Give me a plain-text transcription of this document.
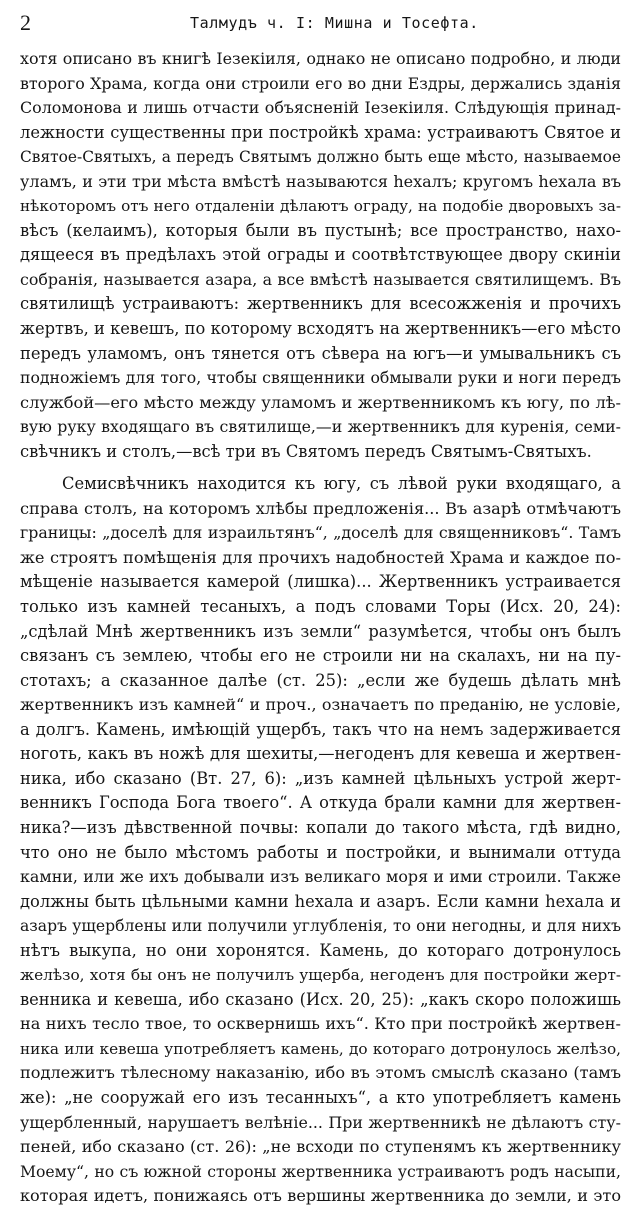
2	Талмудъ ч. I: Мишна и Тосефта.
хотя описано въ книгѣ Iезекiиля, однако не описано подробно, и люди
второго Храма, когда они строили его во дни Ездры, держались зданія
Соломонова и лишь отчасти объясненій Iезекiиля. Слѣдующія принад-
лежности существенны при постройкѣ храма: устраиваютъ Святое и
Святое-Святыхъ, а передъ Святымъ должно быть еще мѣсто, называемое
уламъ, и эти три мѣста вмѣстѣ называются hехалъ; кругомъ hехала въ
нѣкоторомъ отъ него отдаленіи дѣлаютъ ограду, на подобіе дворовыхъ за-
вѣсъ (келаимъ), которыя были въ пустынѣ; все пространство, нахо-
дящееся въ предѣлахъ этой ограды и соотвѣтствующее двору скиніи
собранія, называется азара, а все вмѣстѣ называется святилищемъ. Въ
святилищѣ устраиваютъ: жертвенникъ для всесожженія и прочихъ
жертвъ, и кевешъ, по которому всходятъ на жертвенникъ—его мѣсто
передъ уламомъ, онъ тянется отъ сѣвера на югъ—и умывальникъ съ
подножіемъ для того, чтобы священники обмывали руки и ноги передъ
службой—его мѣсто между уламомъ и жертвенникомъ къ югу, по лѣ-
вую руку входящаго въ святилище,—и жертвенникъ для куренія, семи-
свѣчникъ и столъ,—всѣ три въ Святомъ передъ Святымъ-Святыхъ.
Семисвѣчникъ находится къ югу, съ лѣвой руки входящаго, а
справа столъ, на которомъ хлѣбы предложенія... Въ азарѣ отмѣчаютъ
границы: „доселѣ для израильтянъ“, „доселѣ для священниковъ“. Тамъ
же строятъ помѣщенія для прочихъ надобностей Храма и каждое по-
мѣщеніе называется камерой (лишка)... Жертвенникъ устраивается
только изъ камней тесаныхъ, а подъ словами Торы (Исх. 20, 24):
„сдѣлай Мнѣ жертвенникъ изъ земли“ разумѣется, чтобы онъ былъ
связанъ съ землею, чтобы его не строили ни на скалахъ, ни на пу-
стотахъ; а сказанное далѣе (ст. 25): „если же будешь дѣлать мнѣ
жертвенникъ изъ камней“ и проч., означаетъ по преданію, не условіе,
а долгъ. Камень, имѣющій ущербъ, такъ что на немъ задерживается
ноготь, какъ въ ножѣ для шехиты,—негоденъ для кевеша и жертвен-
ника, ибо сказано (Вт. 27, 6): „изъ камней цѣльныхъ устрой жерт-
венникъ Господа Бога твоего“. А откуда брали камни для жертвен-
ника?—изъ дѣвственной почвы: копали до такого мѣста, гдѣ видно,
что оно не было мѣстомъ работы и постройки, и вынимали оттуда
камни, или же ихъ добывали изъ великаго моря и ими строили. Также
должны быть цѣльными камни hехала и азаръ. Если камни hехала и
азаръ ущерблены или получили углубленія, то они негодны, и для нихъ
нѣтъ выкупа, но они хоронятся. Камень, до котораго дотронулось
желѣзо, хотя бы онъ не получилъ ущерба, негоденъ для постройки жерт-
венника и кевеша, ибо сказано (Исх. 20, 25): „какъ скоро положишь
на нихъ тесло твое, то осквернишь ихъ“. Кто при постройкѣ жертвен-
ника или кевеша употребляетъ камень, до котораго дотронулось желѣзо,
подлежитъ тѣлесному наказанію, ибо въ этомъ смыслѣ сказано (тамъ
же): „не сооружай его изъ тесанныхъ“, а кто употребляетъ камень
ущербленный, нарушаетъ велѣніе... При жертвенникѣ не дѣлаютъ сту-
пеней, ибо сказано (ст. 26): „не всходи по ступенямъ къ жертвеннику
Моему“, но съ южной стороны жертвенника устраиваютъ родъ насыпи,
которая идетъ, понижаясь отъ вершины жертвенника до земли, и это
